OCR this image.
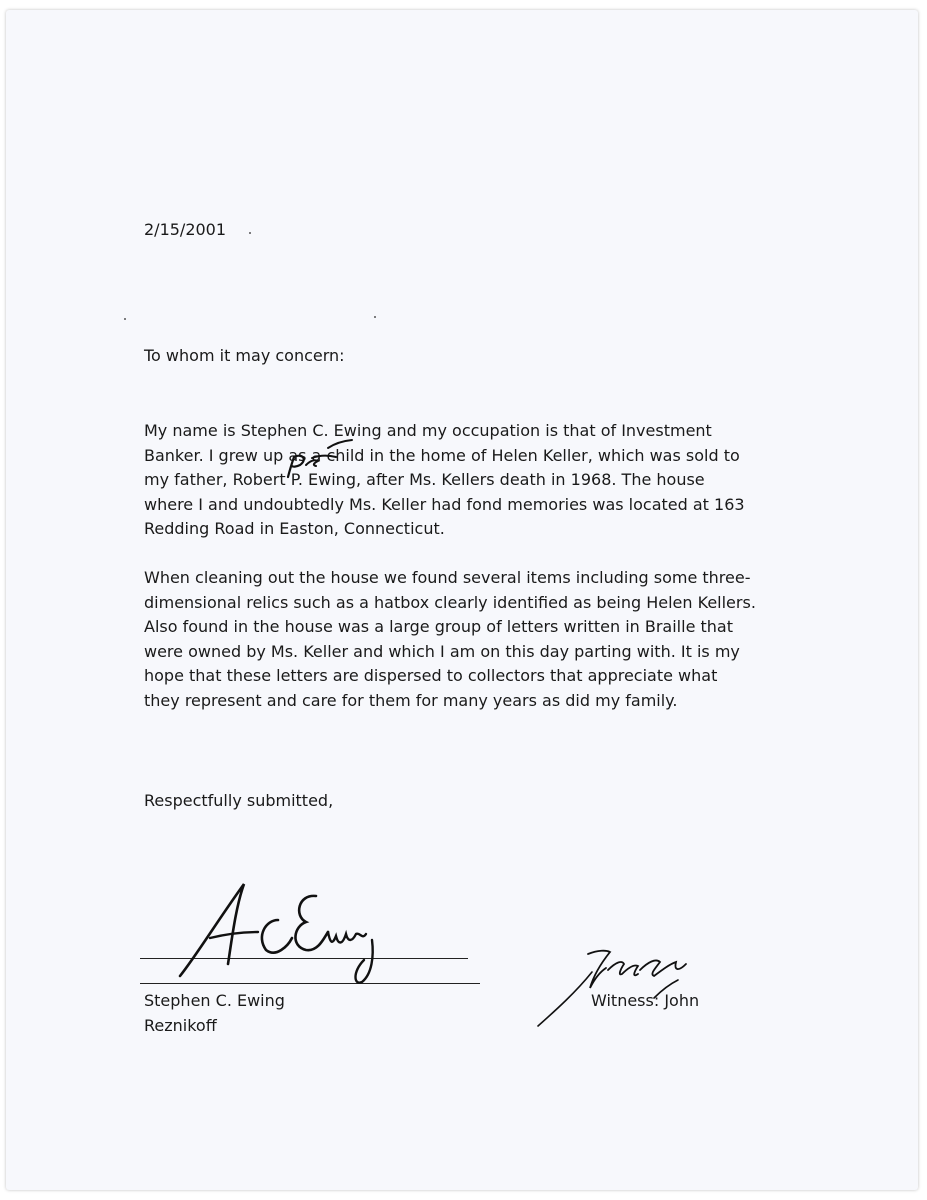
2/15/2001
To whom it may concern:
My name is Stephen C. Ewing and my occupation is that of Investment
Banker. I grew up as a child in the home of Helen Keller, which was sold to
my father, Robert P. Ewing, after Ms. Kellers death in 1968. The house
where I and undoubtedly Ms. Keller had fond memories was located at 163
Redding Road in Easton, Connecticut.
When cleaning out the house we found several items including some three-
dimensional relics such as a hatbox clearly identified as being Helen Kellers.
Also found in the house was a large group of letters written in Braille that
were owned by Ms. Keller and which I am on this day parting with. It is my
hope that these letters are dispersed to collectors that appreciate what
they represent and care for them for many years as did my family.
Respectfully submitted,
Stephen C. Ewing
Reznikoff
Witness: John
